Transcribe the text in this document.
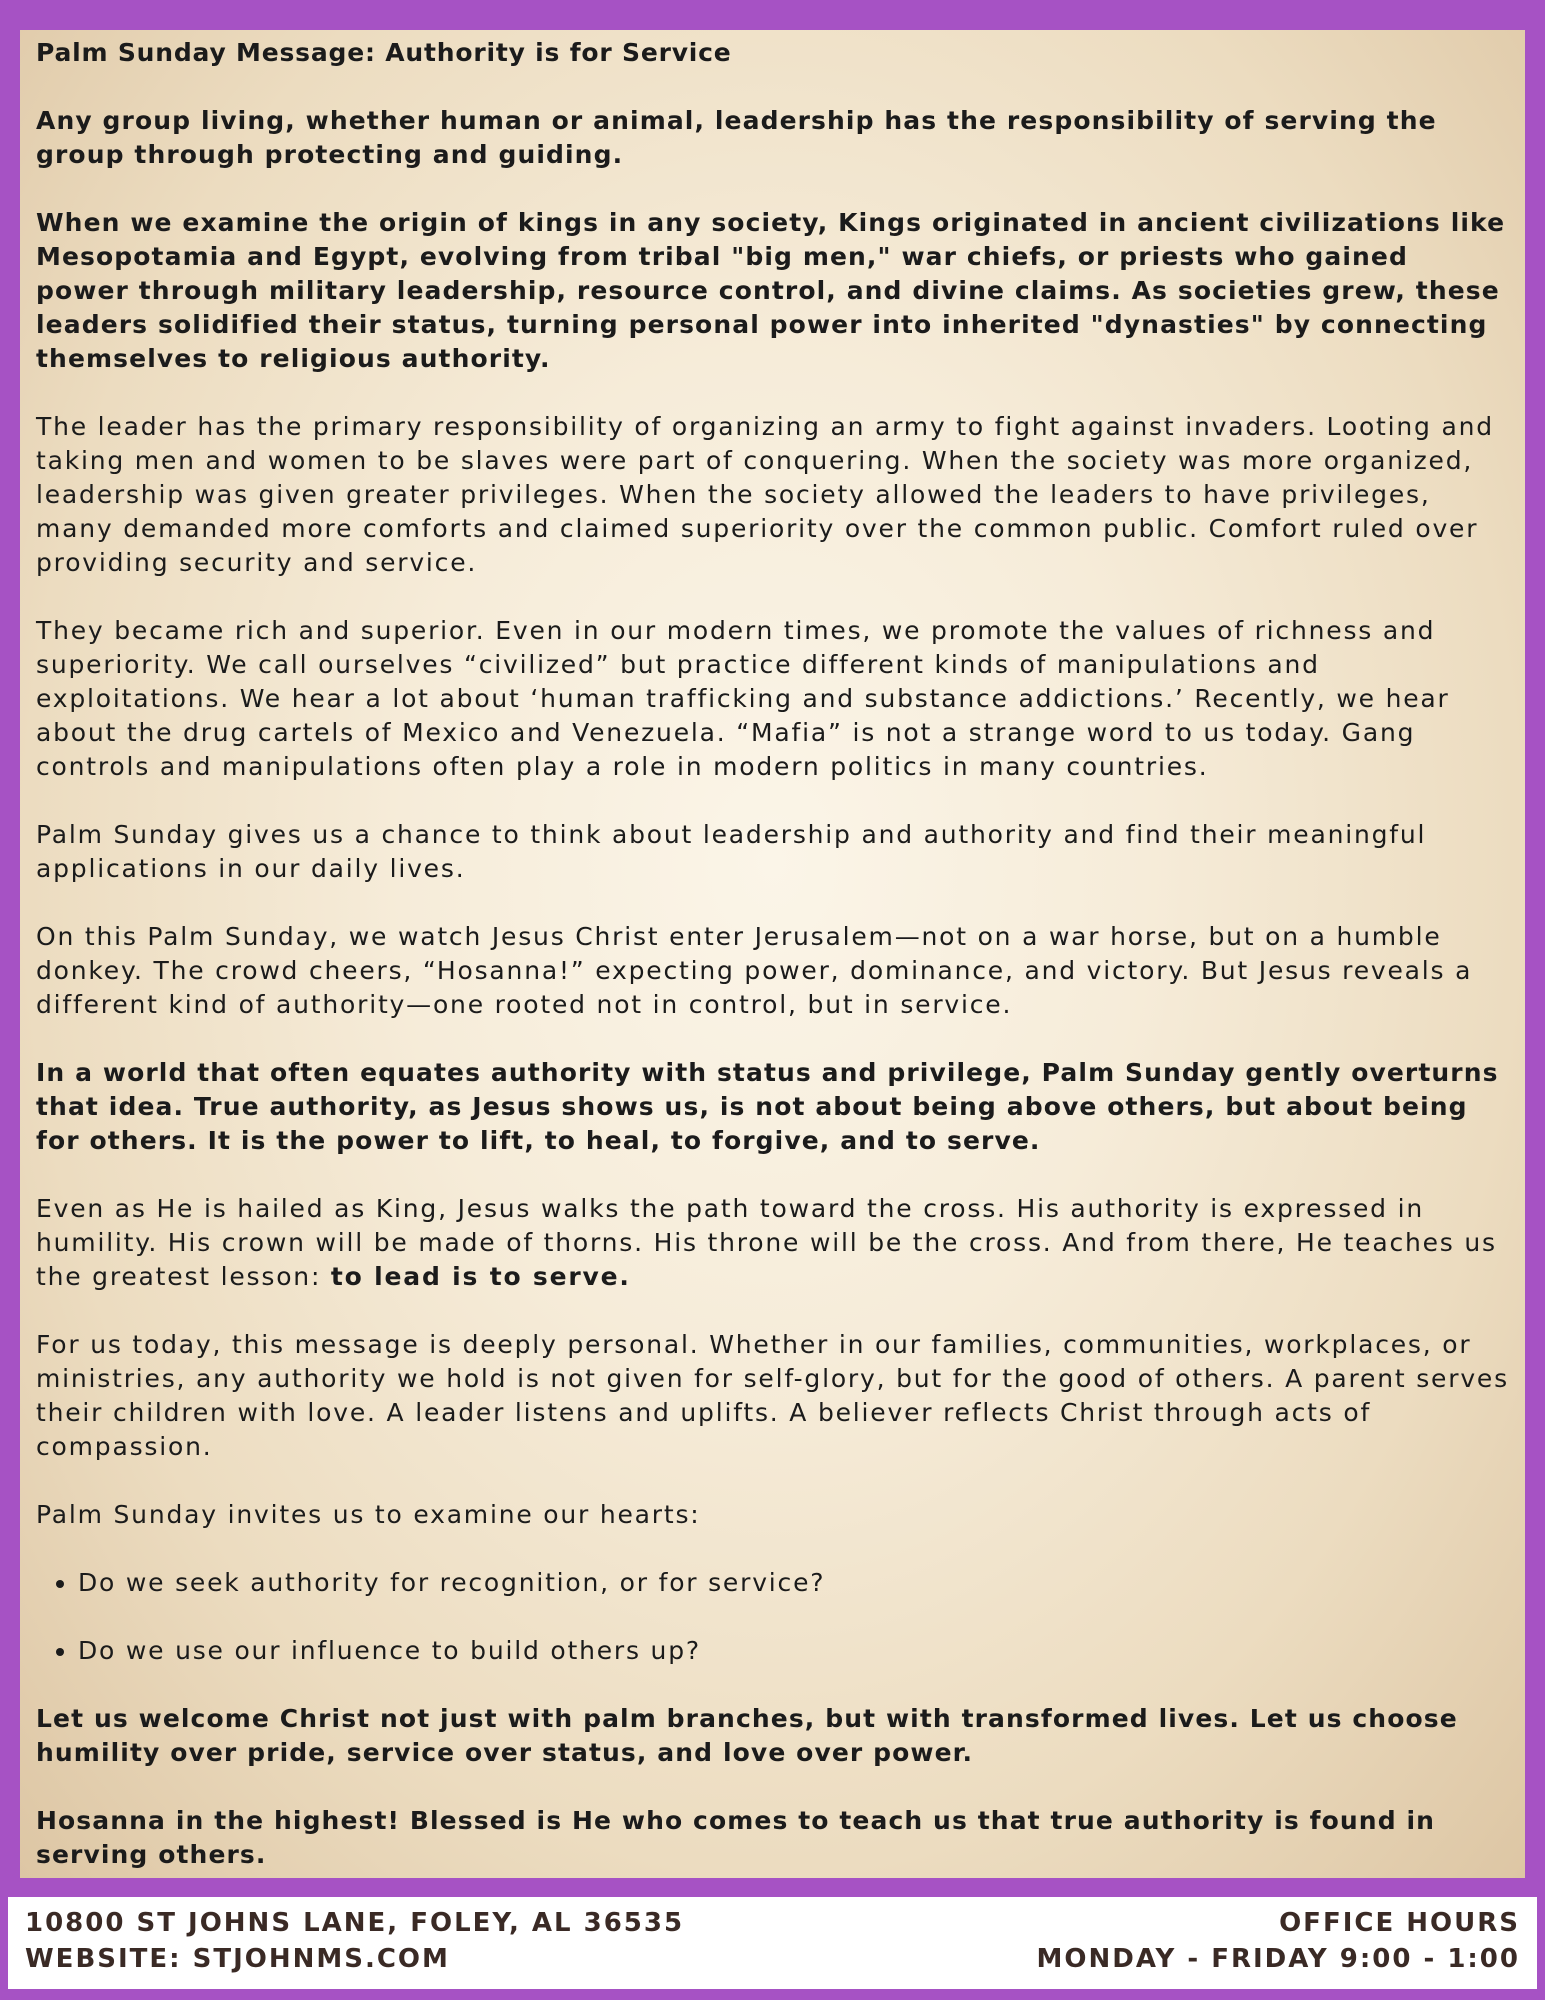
Palm Sunday Message: Authority is for Service

Any group living, whether human or animal, leadership has the responsibility of serving the group through protecting and guiding.

When we examine the origin of kings in any society, Kings originated in ancient civilizations like Mesopotamia and Egypt, evolving from tribal "big men," war chiefs, or priests who gained power through military leadership, resource control, and divine claims. As societies grew, these leaders solidified their status, turning personal power into inherited "dynasties" by connecting themselves to religious authority.

The leader has the primary responsibility of organizing an army to fight against invaders. Looting and taking men and women to be slaves were part of conquering. When the society was more organized, leadership was given greater privileges. When the society allowed the leaders to have privileges, many demanded more comforts and claimed superiority over the common public. Comfort ruled over providing security and service.

They became rich and superior. Even in our modern times, we promote the values of richness and superiority. We call ourselves “civilized” but practice different kinds of manipulations and exploitations. We hear a lot about ‘human trafficking and substance addictions.’ Recently, we hear about the drug cartels of Mexico and Venezuela. “Mafia” is not a strange word to us today. Gang controls and manipulations often play a role in modern politics in many countries.

Palm Sunday gives us a chance to think about leadership and authority and find their meaningful applications in our daily lives.

On this Palm Sunday, we watch Jesus Christ enter Jerusalem—not on a war horse, but on a humble donkey. The crowd cheers, “Hosanna!” expecting power, dominance, and victory. But Jesus reveals a different kind of authority—one rooted not in control, but in service.

In a world that often equates authority with status and privilege, Palm Sunday gently overturns that idea. True authority, as Jesus shows us, is not about being above others, but about being for others. It is the power to lift, to heal, to forgive, and to serve.

Even as He is hailed as King, Jesus walks the path toward the cross. His authority is expressed in humility. His crown will be made of thorns. His throne will be the cross. And from there, He teaches us the greatest lesson: to lead is to serve.

For us today, this message is deeply personal. Whether in our families, communities, workplaces, or ministries, any authority we hold is not given for self-glory, but for the good of others. A parent serves their children with love. A leader listens and uplifts. A believer reflects Christ through acts of compassion.

Palm Sunday invites us to examine our hearts:

• Do we seek authority for recognition, or for service?
• Do we use our influence to build others up?

Let us welcome Christ not just with palm branches, but with transformed lives. Let us choose humility over pride, service over status, and love over power.

Hosanna in the highest! Blessed is He who comes to teach us that true authority is found in serving others.

10800 ST JOHNS LANE, FOLEY, AL 36535
WEBSITE: STJOHNMS.COM
OFFICE HOURS
MONDAY - FRIDAY 9:00 - 1:00
